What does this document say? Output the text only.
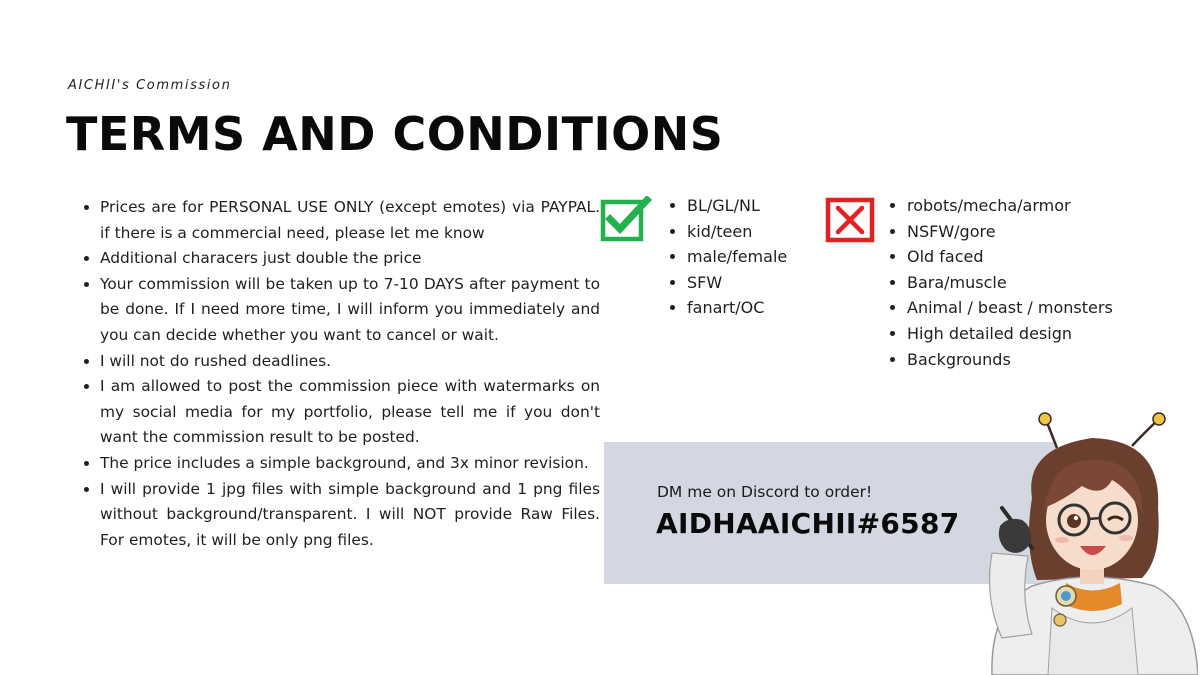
AICHII's Commission
TERMS AND CONDITIONS
• Prices are for PERSONAL USE ONLY (except emotes) via PAYPAL. if there is a commercial need, please let me know
• Additional characers just double the price
• Your commission will be taken up to 7-10 DAYS after payment to be done. If I need more time, I will inform you immediately and you can decide whether you want to cancel or wait.
• I will not do rushed deadlines.
• I am allowed to post the commission piece with watermarks on my social media for my portfolio, please tell me if you don't want the commission result to be posted.
• The price includes a simple background, and 3x minor revision.
• I will provide 1 jpg files with simple background and 1 png files without background/transparent. I will NOT provide Raw Files. For emotes, it will be only png files.
• BL/GL/NL
• kid/teen
• male/female
• SFW
• fanart/OC
• robots/mecha/armor
• NSFW/gore
• Old faced
• Bara/muscle
• Animal / beast / monsters
• High detailed design
• Backgrounds
DM me on Discord to order!
AIDHAAICHII#6587
